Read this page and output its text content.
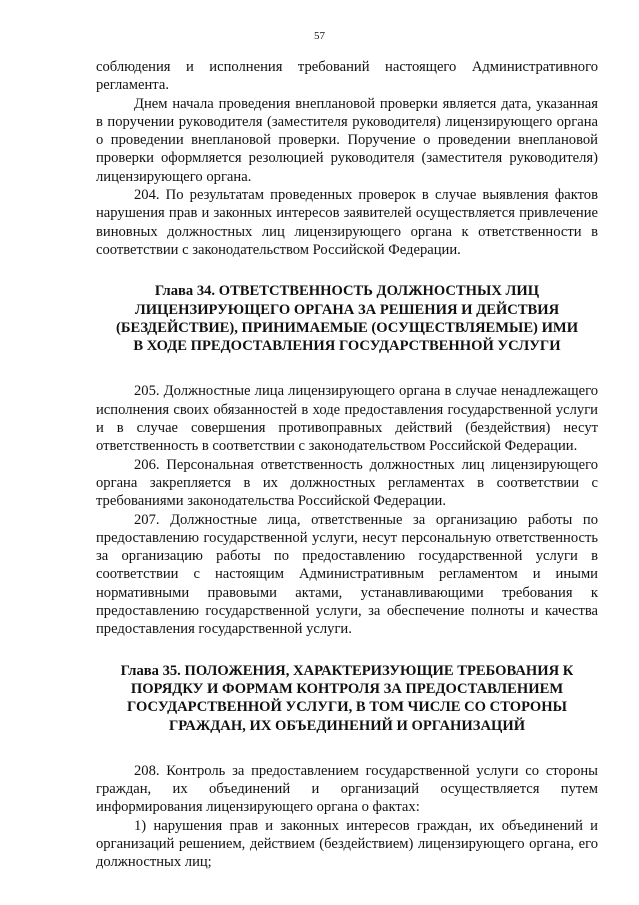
57

соблюдения и исполнения требований настоящего Административного регламента.

Днем начала проведения внеплановой проверки является дата, указанная в поручении руководителя (заместителя руководителя) лицензирующего органа о проведении внеплановой проверки. Поручение о проведении внеплановой проверки оформляется резолюцией руководителя (заместителя руководителя) лицензирующего органа.

204. По результатам проведенных проверок в случае выявления фактов нарушения прав и законных интересов заявителей осуществляется привлечение виновных должностных лиц лицензирующего органа к ответственности в соответствии с законодательством Российской Федерации.

Глава 34. ОТВЕТСТВЕННОСТЬ ДОЛЖНОСТНЫХ ЛИЦ ЛИЦЕНЗИРУЮЩЕГО ОРГАНА ЗА РЕШЕНИЯ И ДЕЙСТВИЯ (БЕЗДЕЙСТВИЕ), ПРИНИМАЕМЫЕ (ОСУЩЕСТВЛЯЕМЫЕ) ИМИ В ХОДЕ ПРЕДОСТАВЛЕНИЯ ГОСУДАРСТВЕННОЙ УСЛУГИ

205. Должностные лица лицензирующего органа в случае ненадлежащего исполнения своих обязанностей в ходе предоставления государственной услуги и в случае совершения противоправных действий (бездействия) несут ответственность в соответствии с законодательством Российской Федерации.

206. Персональная ответственность должностных лиц лицензирующего органа закрепляется в их должностных регламентах в соответствии с требованиями законодательства Российской Федерации.

207. Должностные лица, ответственные за организацию работы по предоставлению государственной услуги, несут персональную ответственность за организацию работы по предоставлению государственной услуги в соответствии с настоящим Административным регламентом и иными нормативными правовыми актами, устанавливающими требования к предоставлению государственной услуги, за обеспечение полноты и качества предоставления государственной услуги.

Глава 35. ПОЛОЖЕНИЯ, ХАРАКТЕРИЗУЮЩИЕ ТРЕБОВАНИЯ К ПОРЯДКУ И ФОРМАМ КОНТРОЛЯ ЗА ПРЕДОСТАВЛЕНИЕМ ГОСУДАРСТВЕННОЙ УСЛУГИ, В ТОМ ЧИСЛЕ СО СТОРОНЫ ГРАЖДАН, ИХ ОБЪЕДИНЕНИЙ И ОРГАНИЗАЦИЙ

208. Контроль за предоставлением государственной услуги со стороны граждан, их объединений и организаций осуществляется путем информирования лицензирующего органа о фактах:

1) нарушения прав и законных интересов граждан, их объединений и организаций решением, действием (бездействием) лицензирующего органа, его должностных лиц;
